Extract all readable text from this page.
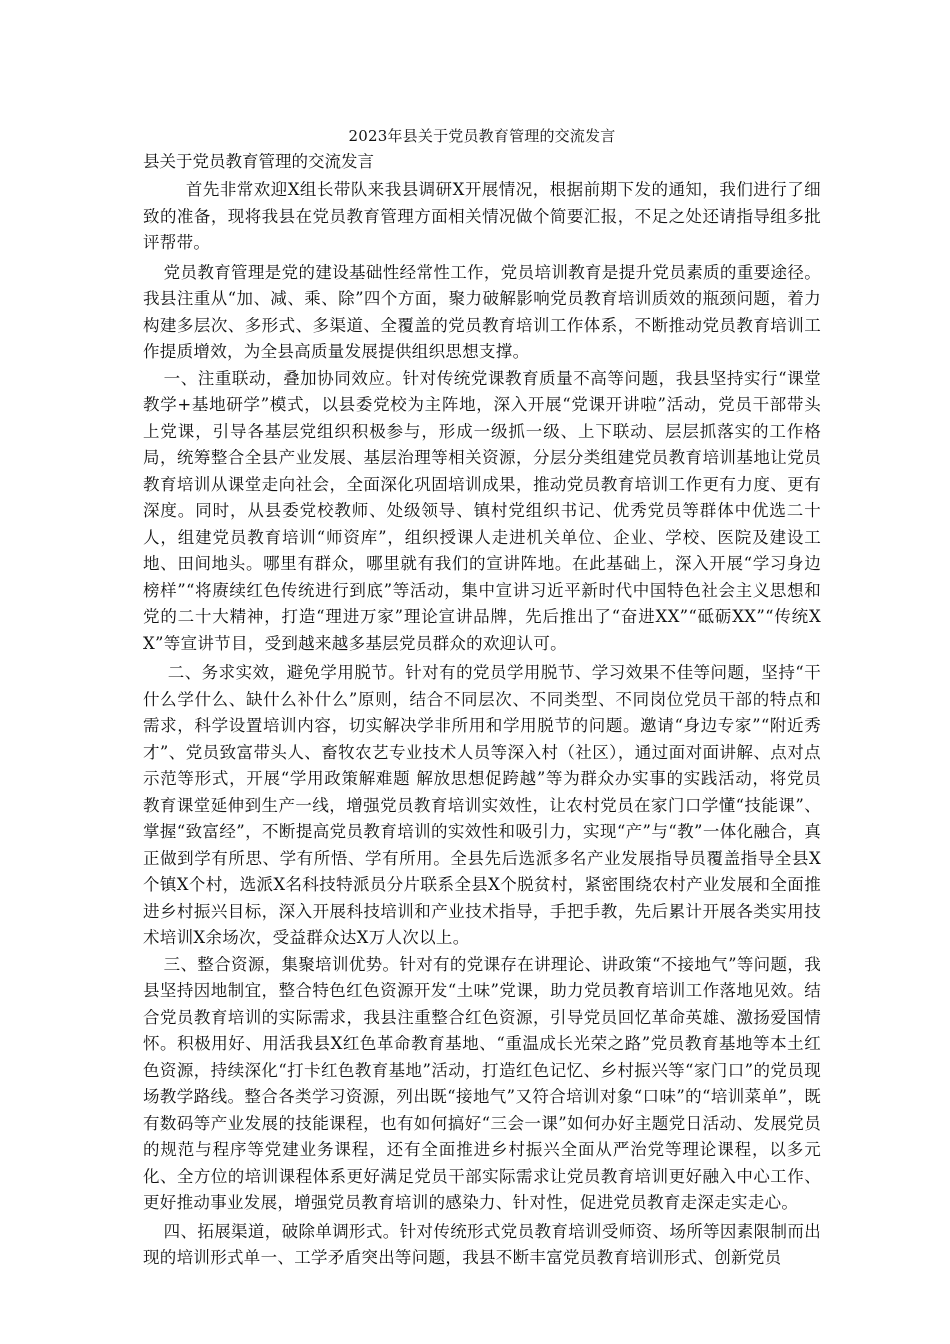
2023年县关于党员教育管理的交流发言
县关于党员教育管理的交流发言

首先非常欢迎X组长带队来我县调研X开展情况，根据前期下发的通知，我们进行了细致的准备，现将我县在党员教育管理方面相关情况做个简要汇报，不足之处还请指导组多批评帮带。

党员教育管理是党的建设基础性经常性工作，党员培训教育是提升党员素质的重要途径。我县注重从“加、减、乘、除”四个方面，聚力破解影响党员教育培训质效的瓶颈问题，着力构建多层次、多形式、多渠道、全覆盖的党员教育培训工作体系，不断推动党员教育培训工作提质增效，为全县高质量发展提供组织思想支撑。

一、注重联动，叠加协同效应。针对传统党课教育质量不高等问题，我县坚持实行“课堂教学+基地研学”模式，以县委党校为主阵地，深入开展“党课开讲啦”活动，党员干部带头上党课，引导各基层党组织积极参与，形成一级抓一级、上下联动、层层抓落实的工作格局，统筹整合全县产业发展、基层治理等相关资源，分层分类组建党员教育培训基地让党员教育培训从课堂走向社会，全面深化巩固培训成果，推动党员教育培训工作更有力度、更有深度。同时，从县委党校教师、处级领导、镇村党组织书记、优秀党员等群体中优选二十人，组建党员教育培训“师资库”，组织授课人走进机关单位、企业、学校、医院及建设工地、田间地头。哪里有群众，哪里就有我们的宣讲阵地。在此基础上，深入开展“学习身边榜样”“将赓续红色传统进行到底”等活动，集中宣讲习近平新时代中国特色社会主义思想和党的二十大精神，打造“理进万家”理论宣讲品牌，先后推出了“奋进XX”“砥砺XX”“传统XX”等宣讲节目，受到越来越多基层党员群众的欢迎认可。

二、务求实效，避免学用脱节。针对有的党员学用脱节、学习效果不佳等问题，坚持“干什么学什么、缺什么补什么”原则，结合不同层次、不同类型、不同岗位党员干部的特点和需求，科学设置培训内容，切实解决学非所用和学用脱节的问题。邀请“身边专家”“附近秀才”、党员致富带头人、畜牧农艺专业技术人员等深入村（社区），通过面对面讲解、点对点示范等形式，开展“学用政策解难题 解放思想促跨越”等为群众办实事的实践活动，将党员教育课堂延伸到生产一线，增强党员教育培训实效性，让农村党员在家门口学懂“技能课”、掌握“致富经”，不断提高党员教育培训的实效性和吸引力，实现“产”与“教”一体化融合，真正做到学有所思、学有所悟、学有所用。全县先后选派多名产业发展指导员覆盖指导全县X个镇X个村，选派X名科技特派员分片联系全县X个脱贫村，紧密围绕农村产业发展和全面推进乡村振兴目标，深入开展科技培训和产业技术指导，手把手教，先后累计开展各类实用技术培训X余场次，受益群众达X万人次以上。

三、整合资源，集聚培训优势。针对有的党课存在讲理论、讲政策“不接地气”等问题，我县坚持因地制宜，整合特色红色资源开发“土味”党课，助力党员教育培训工作落地见效。结合党员教育培训的实际需求，我县注重整合红色资源，引导党员回忆革命英雄、激扬爱国情怀。积极用好、用活我县X红色革命教育基地、“重温成长光荣之路”党员教育基地等本土红色资源，持续深化“打卡红色教育基地”活动，打造红色记忆、乡村振兴等“家门口”的党员现场教学路线。整合各类学习资源，列出既“接地气”又符合培训对象“口味”的“培训菜单”，既有数码等产业发展的技能课程，也有如何搞好“三会一课”如何办好主题党日活动、发展党员的规范与程序等党建业务课程，还有全面推进乡村振兴全面从严治党等理论课程，以多元化、全方位的培训课程体系更好满足党员干部实际需求让党员教育培训更好融入中心工作、更好推动事业发展，增强党员教育培训的感染力、针对性，促进党员教育走深走实走心。

四、拓展渠道，破除单调形式。针对传统形式党员教育培训受师资、场所等因素限制而出现的培训形式单一、工学矛盾突出等问题，我县不断丰富党员教育培训形式、创新党员
